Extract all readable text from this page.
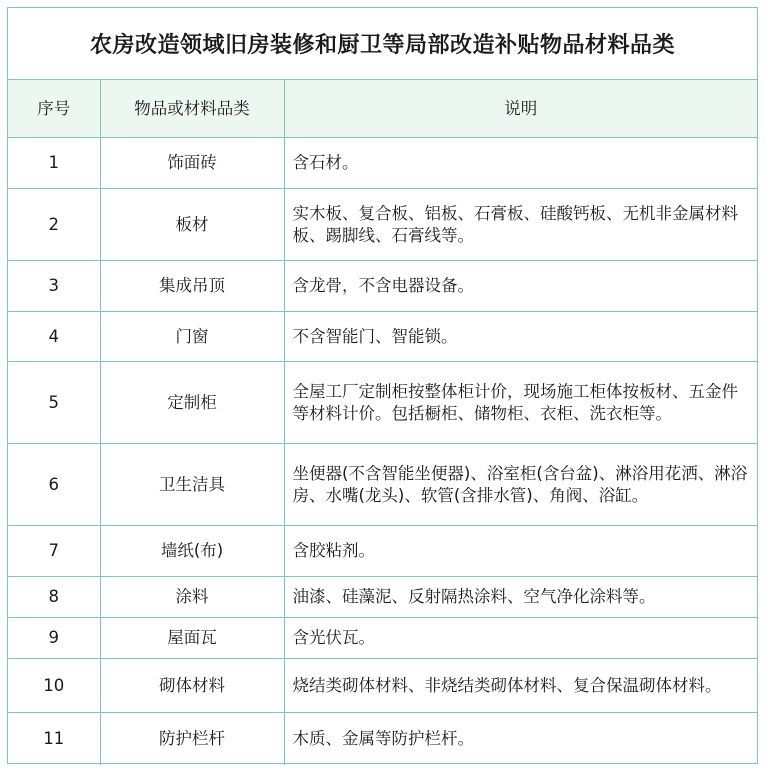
农房改造领域旧房装修和厨卫等局部改造补贴物品材料品类
序号	物品或材料品类	说明
1	饰面砖	含石材。
2	板材	实木板、复合板、铝板、石膏板、硅酸钙板、无机非金属材料板、踢脚线、石膏线等。
3	集成吊顶	含龙骨，不含电器设备。
4	门窗	不含智能门、智能锁。
5	定制柜	全屋工厂定制柜按整体柜计价，现场施工柜体按板材、五金件等材料计价。包括橱柜、储物柜、衣柜、洗衣柜等。
6	卫生洁具	坐便器(不含智能坐便器)、浴室柜(含台盆)、淋浴用花洒、淋浴房、水嘴(龙头)、软管(含排水管)、角阀、浴缸。
7	墙纸(布)	含胶粘剂。
8	涂料	油漆、硅藻泥、反射隔热涂料、空气净化涂料等。
9	屋面瓦	含光伏瓦。
10	砌体材料	烧结类砌体材料、非烧结类砌体材料、复合保温砌体材料。
11	防护栏杆	木质、金属等防护栏杆。
